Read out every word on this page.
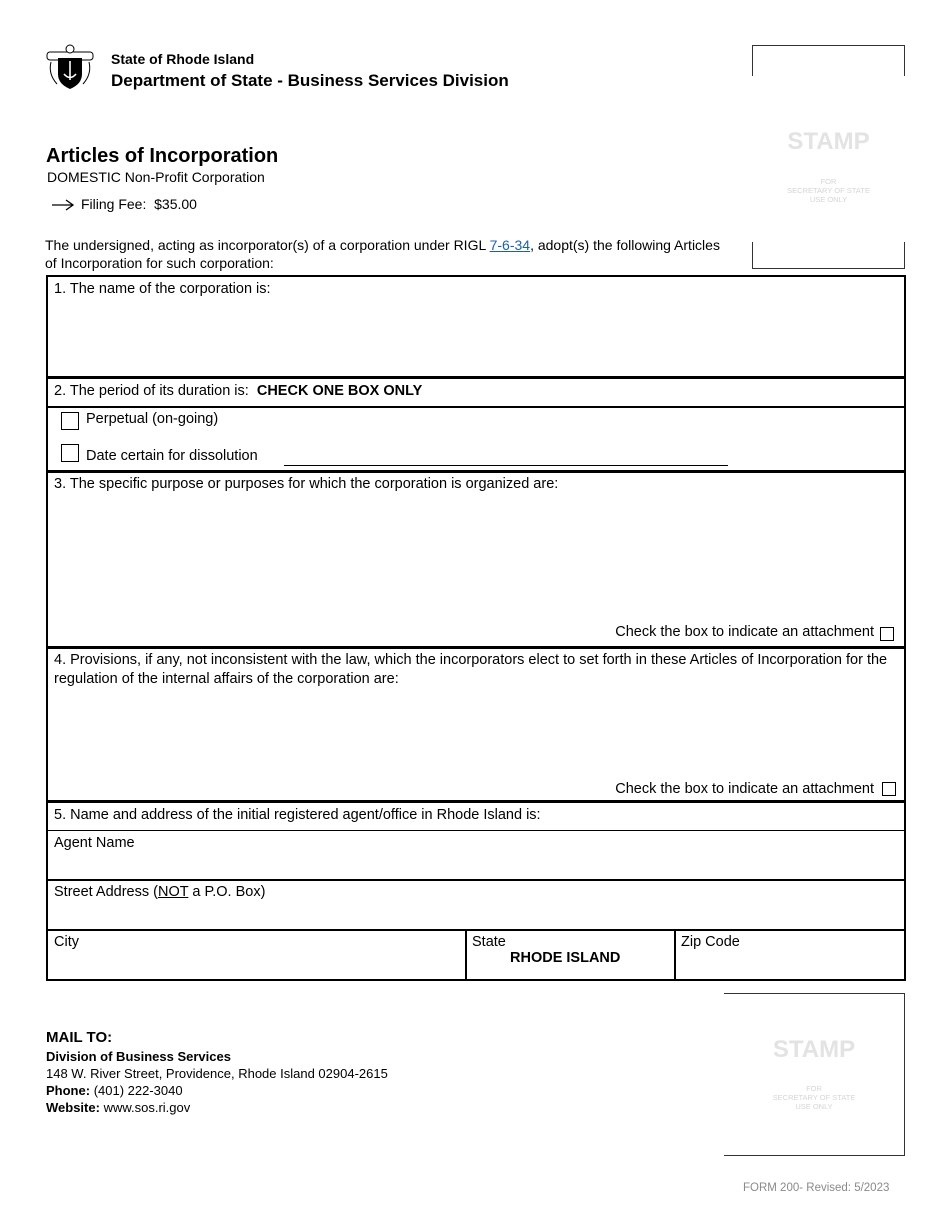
State of Rhode Island
Department of State - Business Services Division
Articles of Incorporation
DOMESTIC Non-Profit Corporation
Filing Fee:
$35.00
The undersigned, acting as incorporator(s) of a corporation under RIGL 7-6-34, adopt(s) the following Articles of Incorporation for such corporation:
STAMP
FOR
SECRETARY OF STATE
USE ONLY
1. The name of the corporation is:
2. The period of its duration is: CHECK ONE BOX ONLY
Perpetual (on-going)
Date certain for dissolution
3. The specific purpose or purposes for which the corporation is organized are:
Check the box to indicate an attachment
4. Provisions, if any, not inconsistent with the law, which the incorporators elect to set forth in these Articles of Incorporation for the regulation of the internal affairs of the corporation are:
Check the box to indicate an attachment
5. Name and address of the initial registered agent/office in Rhode Island is:
Agent Name
Street Address (NOT a P.O. Box)
City	State
RHODE ISLAND
Zip Code
MAIL TO:
Division of Business Services
148 W. River Street, Providence, Rhode Island 02904-2615
Phone: (401) 222-3040
Website: www.sos.ri.gov
STAMP
FOR
SECRETARY OF STATE
USE ONLY
FORM 200- Revised: 5/2023
